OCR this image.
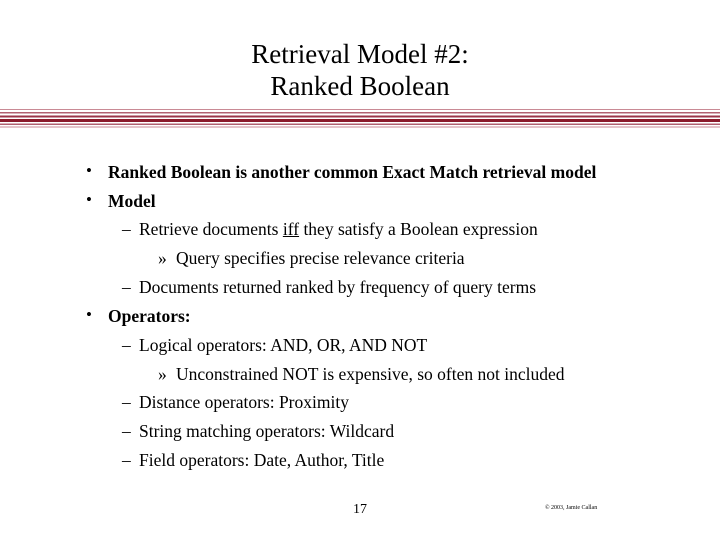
Retrieval Model #2:
Ranked Boolean
• Ranked Boolean is another common Exact Match retrieval model
• Model
– Retrieve documents iff they satisfy a Boolean expression
» Query specifies precise relevance criteria
– Documents returned ranked by frequency of query terms
• Operators:
– Logical operators: AND, OR, AND NOT
» Unconstrained NOT is expensive, so often not included
– Distance operators: Proximity
– String matching operators: Wildcard
– Field operators: Date, Author, Title
17	© 2003, Jamie Callan
